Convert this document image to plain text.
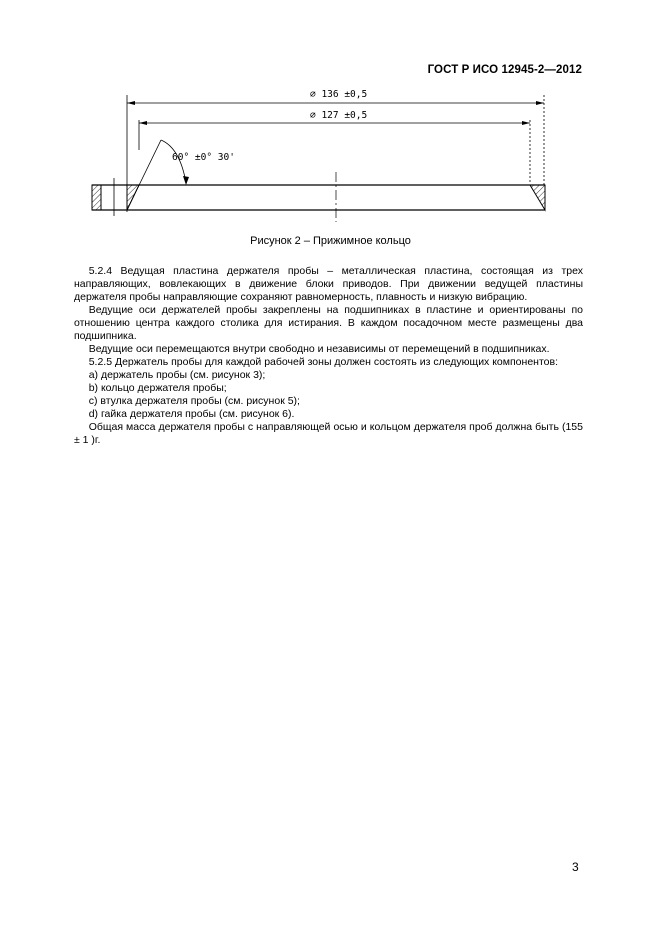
ГОСТ Р ИСО 12945-2—2012
⌀ 136 ±0,5
⌀ 127 ±0,5
60° ±0° 30'
Рисунок 2 – Прижимное кольцо

5.2.4 Ведущая пластина держателя пробы – металлическая пластина, состоящая из трех направляющих, вовлекающих в движение блоки приводов. При движении ведущей пластины держателя пробы направляющие сохраняют равномерность, плавность и низкую вибрацию.

Ведущие оси держателей пробы закреплены на подшипниках в пластине и ориентированы по отношению центра каждого столика для истирания. В каждом посадочном месте размещены два подшипника.

Ведущие оси перемещаются внутри свободно и независимы от перемещений в подшипниках.

5.2.5 Держатель пробы для каждой рабочей зоны должен состоять из следующих компонентов:

a) держатель пробы (см. рисунок 3);
b) кольцо держателя пробы;
c) втулка держателя пробы (см. рисунок 5);
d) гайка держателя пробы (см. рисунок 6).

Общая масса держателя пробы с направляющей осью и кольцом держателя проб должна быть (155 ± 1 )г.

3
